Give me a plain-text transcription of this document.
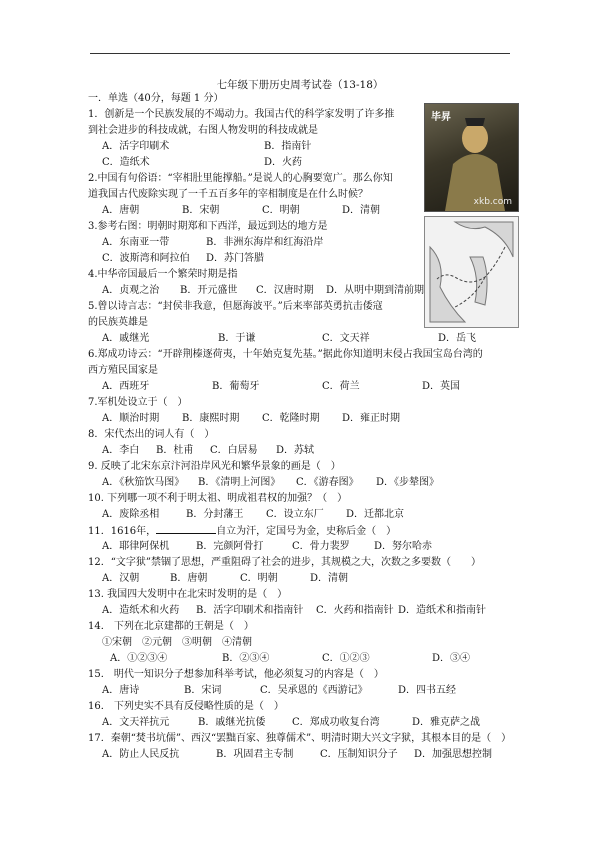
七年级下册历史周考试卷（13-18）
一．单选（40分，每题 1 分）
毕昇
xkb.com
1．创新是一个民族发展的不竭动力。我国古代的科学家发明了许多推
到社会进步的科技成就，右图人物发明的科技成就是
A．活字印刷术	B．指南针
C．造纸术	D．火药
2.中国有句俗语：“宰相肚里能撑船。”是说人的心胸要宽广。那么你知
道我国古代废除实现了一千五百多年的宰相制度是在什么时候？
A．唐朝	B．宋朝	C．明朝	D．清朝
3.参考右图：明朝时期郑和下西洋，最远到达的地方是
A．东南亚一带	B．非洲东海岸和红海沿岸
C．波斯湾和阿拉伯 D．苏门答腊
4.中华帝国最后一个繁荣时期是指
A．贞观之治 B．开元盛世 C．汉唐时期 D．从明中期到清前期
5.曾以诗言志：“封侯非我意，但愿海波平。”后来率部英勇抗击倭寇
的民族英雄是
A．戚继光	B．于谦	C．文天祥	D．岳飞
6.郑成功诗云：“开辟荆榛逐荷夷，十年始克复先基。”据此你知道明末侵占我国宝岛台湾的
西方殖民国家是
A．西班牙	B．葡萄牙	C．荷兰	D．英国
7.军机处设立于（　）
A．顺治时期 B．康熙时期 C．乾隆时期 D．雍正时期
8．宋代杰出的词人有（　）
A．李白 B．杜甫 C．白居易 D．苏轼
9. 反映了北宋东京汴河沿岸风光和繁华景象的画是（　）
A．《秋笳饮马图》 B．《清明上河图》 C．《游春图》 D．《步辇图》
10. 下列哪一项不利于明太祖、明成祖君权的加强？（　）
A．废除丞相	B．分封藩王 C．设立东厂 D．迁都北京
11．1616年，	自立为汗，定国号为金，史称后金（　）
A．耶律阿保机	B．完颜阿骨打	C．骨力裴罗 D．努尔哈赤
12．“文字狱”禁锢了思想，严重阻碍了社会的进步，其规模之大，次数之多要数（　　）
A．汉朝	B．唐朝	C．明朝	D．清朝
13. 我国四大发明中在北宋时发明的是（　）
A．造纸术和火药 B．活字印刷术和指南针 C．火药和指南针 D．造纸术和指南针
14． 下列在北京建都的王朝是（　）
①宋朝　②元朝　③明朝　④清朝
A．①②③④	B．②③④	C．①②③	D．③④
15． 明代一知识分子想参加科举考试，他必须复习的内容是（　）
A．唐诗	B．宋词	C．吴承恩的《西游记》	D．四书五经
16． 下列史实不具有反侵略性质的是（　）
A．文天祥抗元	B．戚继光抗倭	C．郑成功收复台湾	D．雅克萨之战
17．秦朝“焚书坑儒”、西汉“罢黜百家、独尊儒术”、明清时期大兴文字狱，其根本目的是（　）
A．防止人民反抗	B．巩固君主专制	C．压制知识分子 D．加强思想控制
